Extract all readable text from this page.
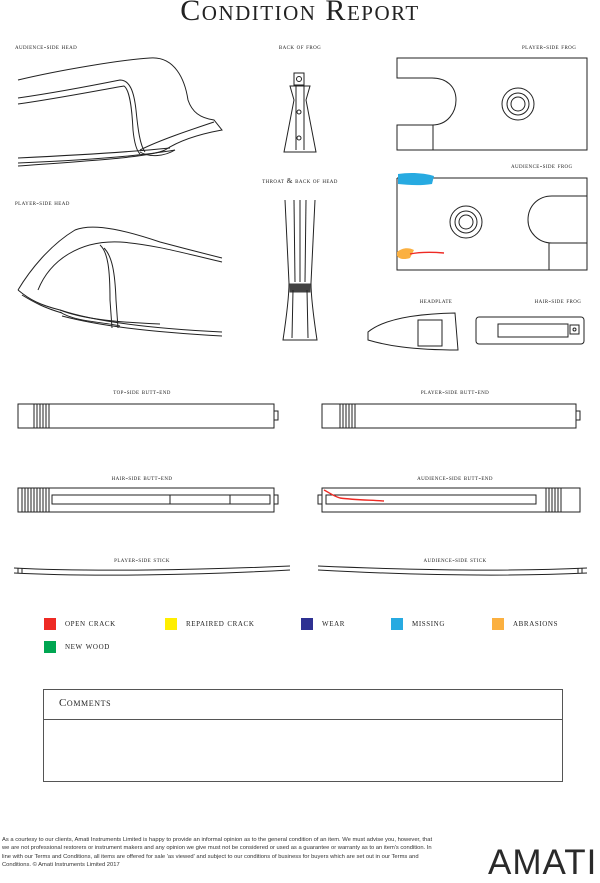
Condition Report
audience-side head	back of frog	player-side frog
player-side head
throat & back of head
audience-side frog
headplate	hair-side frog
top-side butt-end	player-side butt-end
hair-side butt-end	audience-side butt-end
player-side stick	audience-side stick
open crack	repaired crack	wear	missing	abrasions
new wood
Comments
As a courtesy to our clients, Amati Instruments Limited is happy to provide an informal opinion as to the general condition of an item. We must advise you, however, that we are not professional restorers or instrument makers and any opinion we give must not be considered or used as a guarantee or warranty as to an item's condition. In line with our Terms and Conditions, all items are offered for sale 'as viewed' and subject to our conditions of business for buyers which are set out in our Terms and Conditions. © Amati Instruments Limited 2017	AMATI
